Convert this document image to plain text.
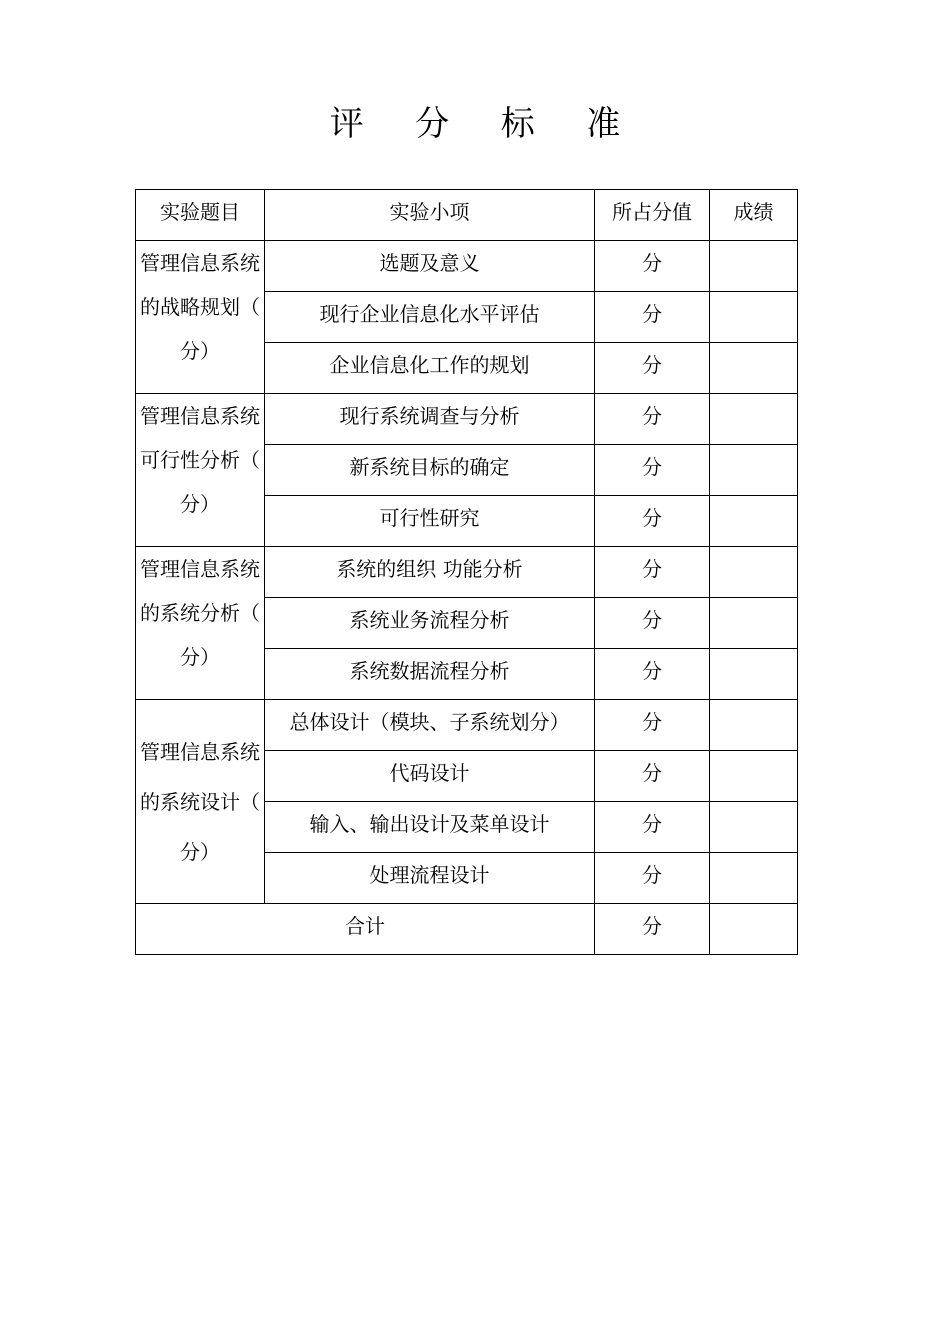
评 分 标 准
实验题目	实验小项	所占分值	成绩

管理信息系统的战略规划（ 分）	选题及意义	分	
	现行企业信息化水平评估	分	
	企业信息化工作的规划	分	

管理信息系统可行性分析（ 分）	现行系统调查与分析	分	
	新系统目标的确定	分	
	可行性研究	分	

管理信息系统的系统分析（ 分）	系统的组织 功能分析	分	
	系统业务流程分析	分	
	系统数据流程分析	分	

管理信息系统的系统设计（ 分）	总体设计（模块、子系统划分）	分	
	代码设计	分	
	输入、输出设计及菜单设计	分	
	处理流程设计	分	
合计		分	
